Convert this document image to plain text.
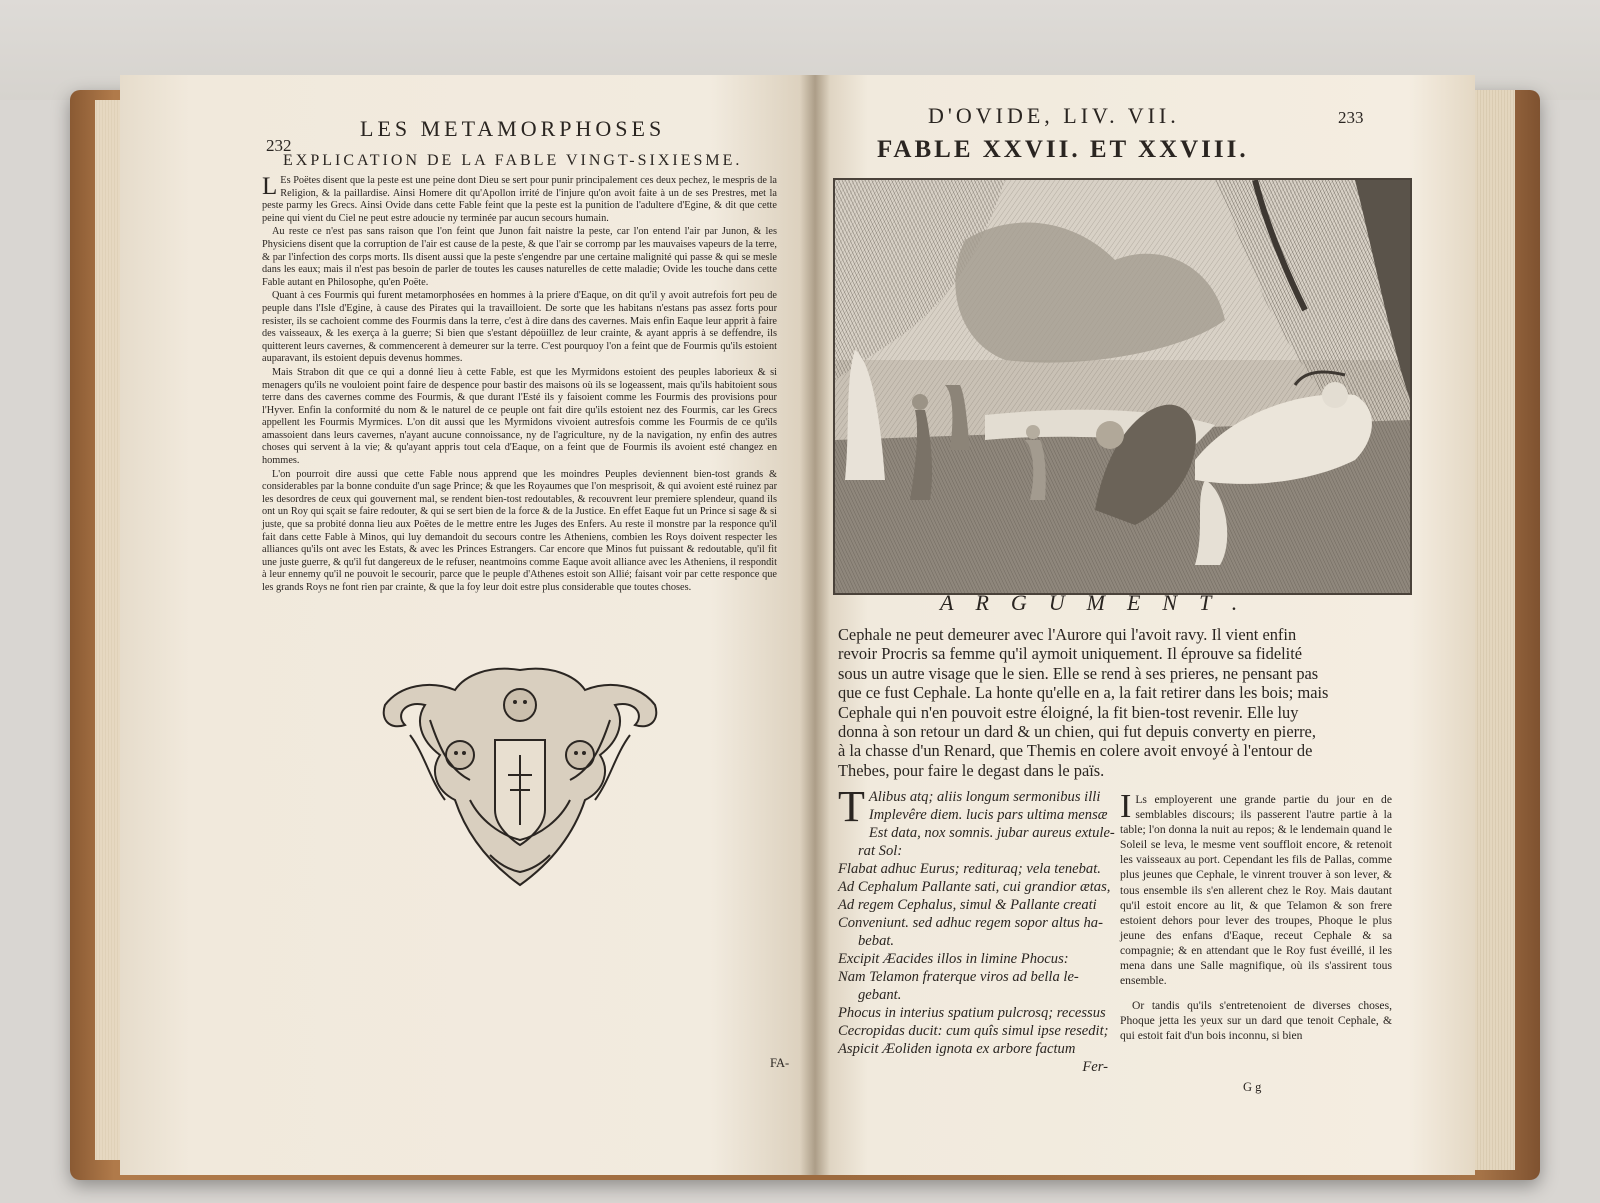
232
LES METAMORPHOSES
EXPLICATION DE LA FABLE VINGT-SIXIESME.

L Es Poëtes disent que la peste est une peine dont Dieu se sert pour punir principalement ces deux pechez, le mespris de la Religion, & la paillardise. Ainsi Homere dit qu'Apollon irrité de l'injure qu'on avoit faite à un de ses Prestres, met la peste parmy les Grecs. Ainsi Ovide dans cette Fable feint que la peste est la punition de l'adultere d'Egine, & dit que cette peine qui vient du Ciel ne peut estre adoucie ny terminée par aucun secours humain.

Au reste ce n'est pas sans raison que l'on feint que Junon fait naistre la peste, car l'on entend l'air par Junon, & les Physiciens disent que la corruption de l'air est cause de la peste, & que l'air se corromp par les mauvaises vapeurs de la terre, & par l'infection des corps morts. Ils disent aussi que la peste s'engendre par une certaine malignité qui passe & qui se mesle dans les eaux; mais il n'est pas besoin de parler de toutes les causes naturelles de cette maladie; Ovide les touche dans cette Fable autant en Philosophe, qu'en Poëte.

Quant à ces Fourmis qui furent metamorphosées en hommes à la priere d'Eaque, on dit qu'il y avoit autrefois fort peu de peuple dans l'Isle d'Egine, à cause des Pirates qui la travailloient. De sorte que les habitans n'estans pas assez forts pour resister, ils se cachoient comme des Fourmis dans la terre, c'est à dire dans des cavernes. Mais enfin Eaque leur apprit à faire des vaisseaux, & les exerça à la guerre; Si bien que s'estant dépoüillez de leur crainte, & ayant appris à se deffendre, ils quitterent leurs cavernes, & commencerent à demeurer sur la terre. C'est pourquoy l'on a feint que de Fourmis qu'ils estoient auparavant, ils estoient depuis devenus hommes.

Mais Strabon dit que ce qui a donné lieu à cette Fable, est que les Myrmidons estoient des peuples laborieux & si menagers qu'ils ne vouloient point faire de despence pour bastir des maisons où ils se logeassent, mais qu'ils habitoient sous terre dans des cavernes comme des Fourmis, & que durant l'Esté ils y faisoient comme les Fourmis des provisions pour l'Hyver. Enfin la conformité du nom & le naturel de ce peuple ont fait dire qu'ils estoient nez des Fourmis, car les Grecs appellent les Fourmis Myrmices. L'on dit aussi que les Myrmidons vivoient autresfois comme les Fourmis de ce qu'ils amassoient dans leurs cavernes, n'ayant aucune connoissance, ny de l'agriculture, ny de la navigation, ny enfin des autres choses qui servent à la vie; & qu'ayant appris tout cela d'Eaque, on a feint que de Fourmis ils avoient esté changez en hommes.

L'on pourroit dire aussi que cette Fable nous apprend que les moindres Peuples deviennent bien-tost grands & considerables par la bonne conduite d'un sage Prince; & que les Royaumes que l'on mesprisoit, & qui avoient esté ruinez par les desordres de ceux qui gouvernent mal, se rendent bien-tost redoutables, & recouvrent leur premiere splendeur, quand ils ont un Roy qui sçait se faire redouter, & qui se sert bien de la force & de la Justice. En effet Eaque fut un Prince si sage & si juste, que sa probité donna lieu aux Poëtes de le mettre entre les Juges des Enfers. Au reste il monstre par la responce qu'il fait dans cette Fable à Minos, qui luy demandoit du secours contre les Atheniens, combien les Roys doivent respecter les alliances qu'ils ont avec les Estats, & avec les Princes Estrangers. Car encore que Minos fut puissant & redoutable, qu'il fit une juste guerre, & qu'il fut dangereux de le refuser, neantmoins comme Eaque avoit alliance avec les Atheniens, il respondit à leur ennemy qu'il ne pouvoit le secourir, parce que le peuple d'Athenes estoit son Allié; faisant voir par cette responce que les grands Roys ne font rien par crainte, & que la foy leur doit estre plus considerable que toutes choses.

FA-
D'OVIDE, LIV. VII.	233
FABLE XXVII. ET XXVIII.
ARGUMENT.
Cephale ne peut demeurer avec l'Aurore qui l'avoit ravy. Il vient enfin
revoir Procris sa femme qu'il aymoit uniquement. Il éprouve sa fidelité
sous un autre visage que le sien. Elle se rend à ses prieres, ne pensant pas
que ce fust Cephale. La honte qu'elle en a, la fait retirer dans les bois; mais
Cephale qui n'en pouvoit estre éloigné, la fit bien-tost revenir. Elle luy
donna à son retour un dard & un chien, qui fut depuis converty en pierre,
à la chasse d'un Renard, que Themis en colere avoit envoyé à l'entour de
Thebes, pour faire le degast dans le païs.
T Alibus atq; aliis longum sermonibus illi
Implevêre diem. lucis pars ultima mensæ
Est data, nox somnis. jubar aureus extule-
rat Sol:
Flabat adhuc Eurus; redituraq; vela tenebat.
Ad Cephalum Pallante sati, cui grandior ætas,
Ad regem Cephalus, simul & Pallante creati
Conveniunt. sed adhuc regem sopor altus ha-
bebat.
Excipit Æacides illos in limine Phocus:
Nam Telamon fraterque viros ad bella le-
gebant.
Phocus in interius spatium pulcrosq; recessus
Cecropidas ducit: cum quîs simul ipse resedit;
Aspicit Æoliden ignota ex arbore factum
Fer-

I Ls employerent une grande partie du jour en de semblables discours; ils passerent l'autre partie à la table; l'on donna la nuit au repos; & le lendemain quand le Soleil se leva, le mesme vent souffloit encore, & retenoit les vaisseaux au port. Cependant les fils de Pallas, comme plus jeunes que Cephale, le vinrent trouver à son lever, & tous ensemble ils s'en allerent chez le Roy. Mais dautant qu'il estoit encore au lit, & que Telamon & son frere estoient dehors pour lever des troupes, Phoque le plus jeune des enfans d'Eaque, receut Cephale & sa compagnie; & en attendant que le Roy fust éveillé, il les mena dans une Salle magnifique, où ils s'assirent tous ensemble.

Or tandis qu'ils s'entretenoient de diverses choses, Phoque jetta les yeux sur un dard que tenoit Cephale, & qui estoit fait d'un bois inconnu, si bien

G g
